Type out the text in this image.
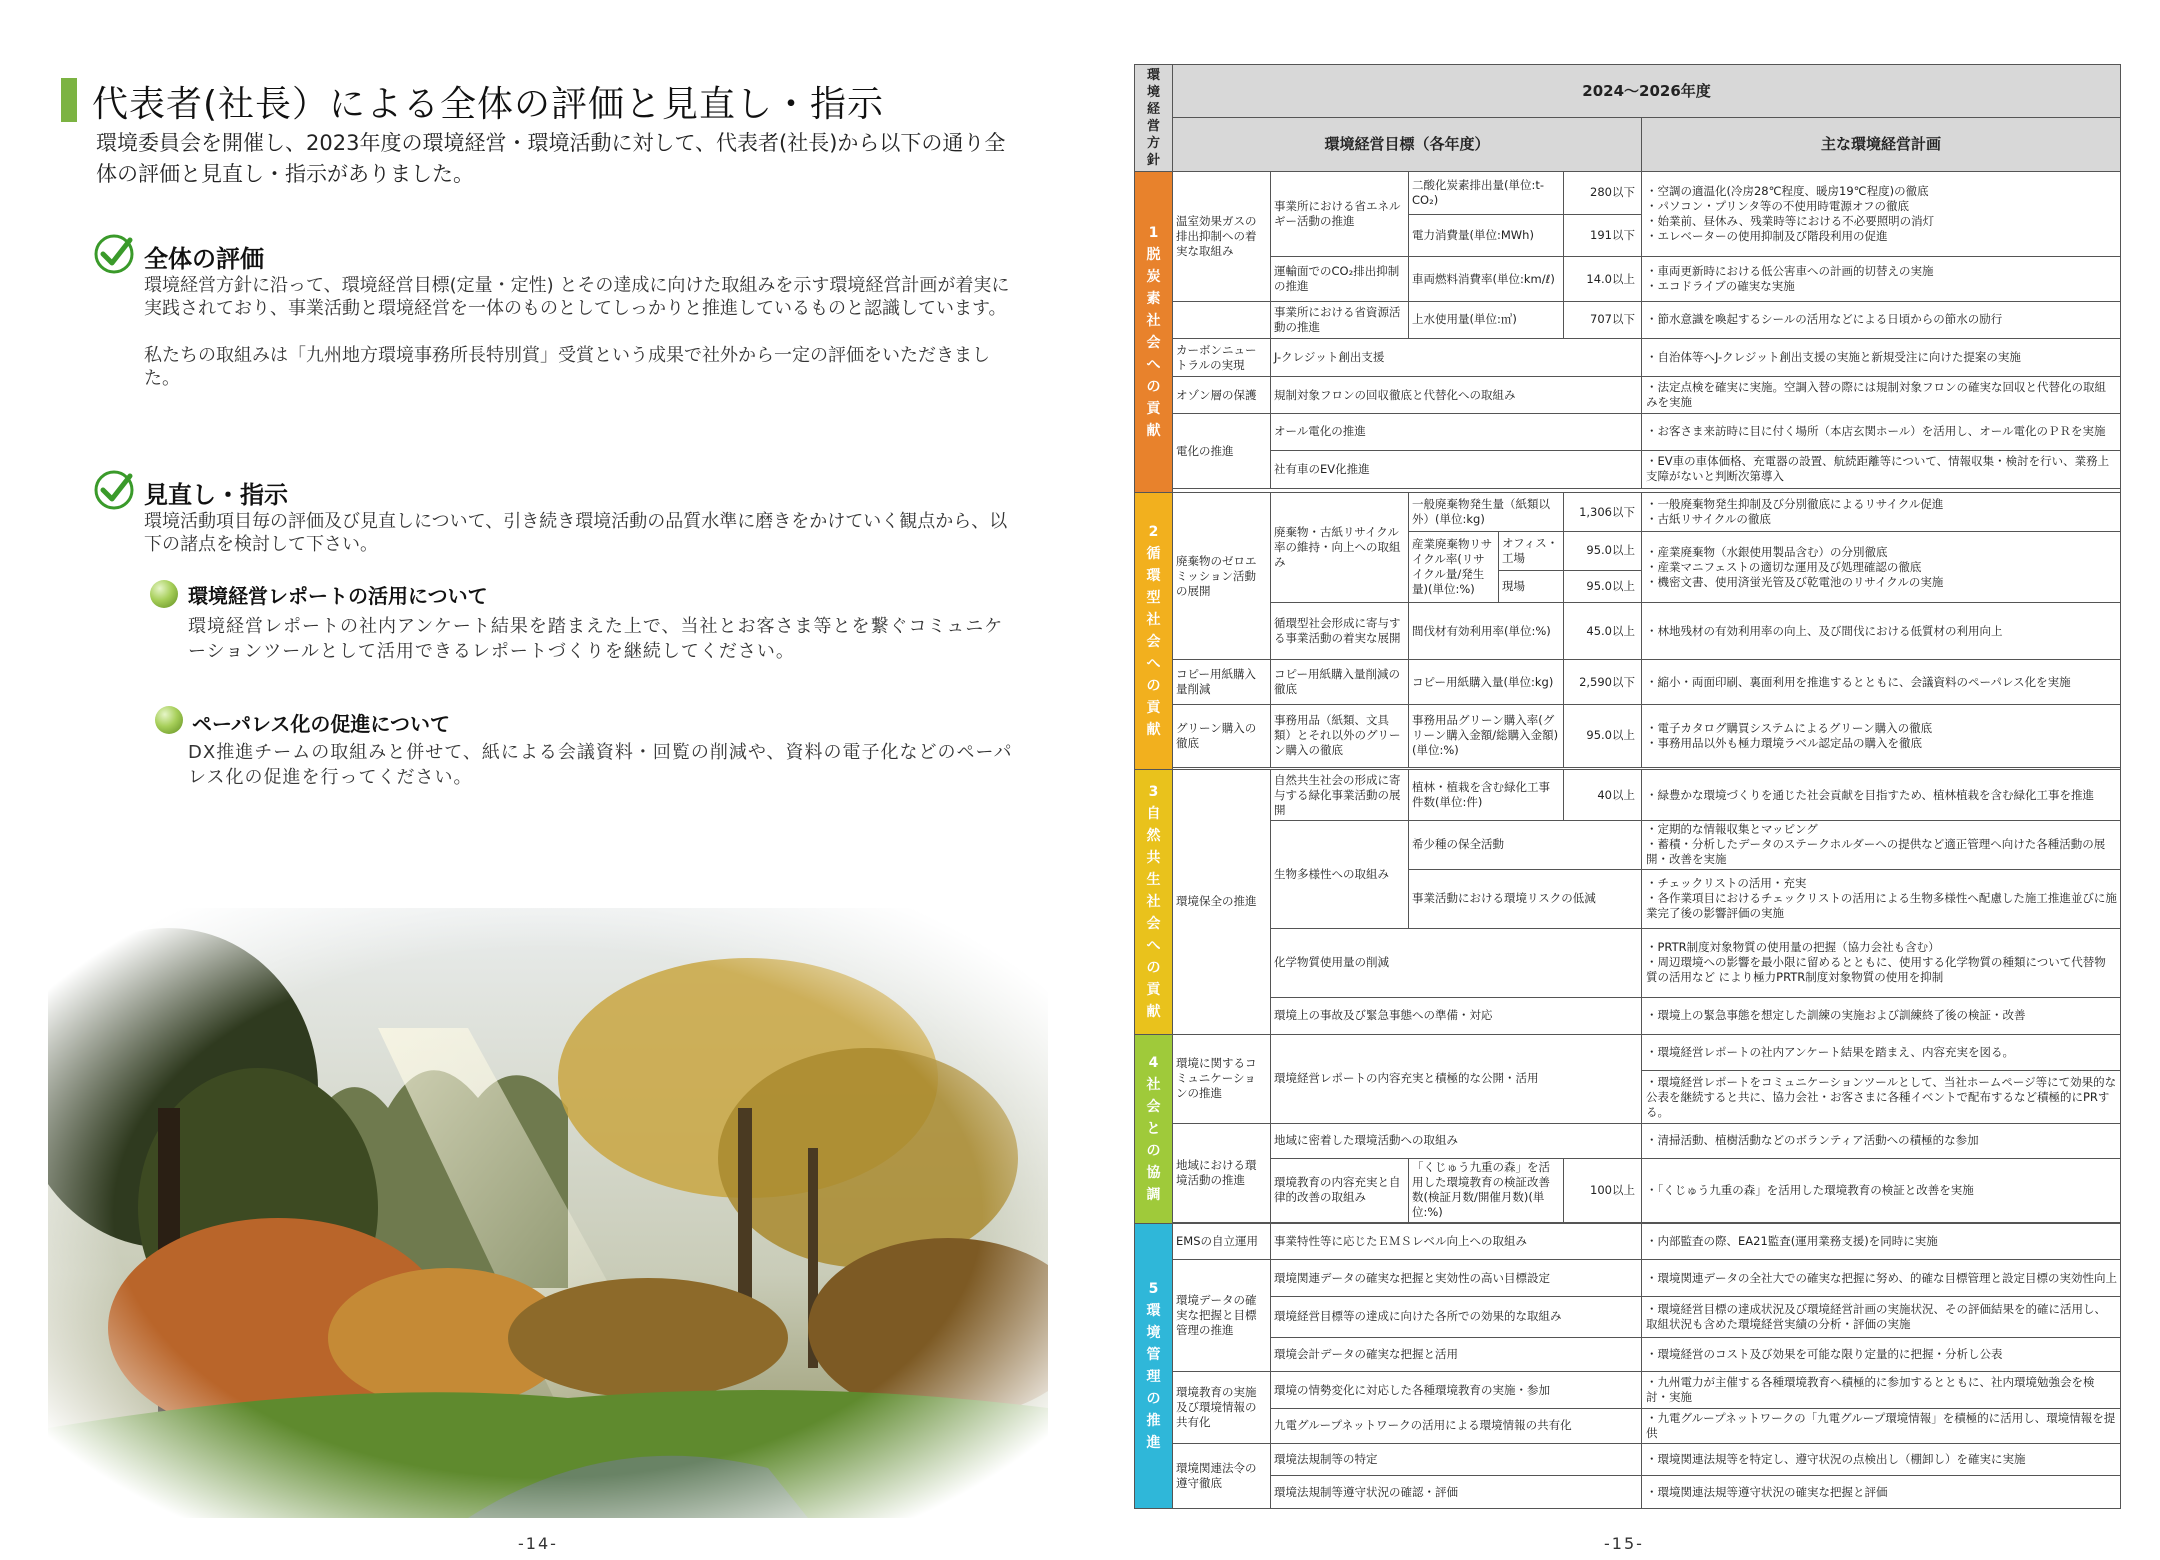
代表者(社長）による全体の評価と見直し・指示
環境委員会を開催し、2023年度の環境経営・環境活動に対して、代表者(社長)から以下の通り全体の評価と見直し・指示がありました。
全体の評価
環境経営方針に沿って、環境経営目標(定量・定性) とその達成に向けた取組みを示す環境経営計画が着実に実践されており、事業活動と環境経営を一体のものとしてしっかりと推進しているものと認識しています。
私たちの取組みは「九州地方環境事務所長特別賞」受賞という成果で社外から一定の評価をいただきました。
見直し・指示
環境活動項目毎の評価及び見直しについて、引き続き環境活動の品質水準に磨きをかけていく観点から、以下の諸点を検討して下さい。
環境経営レポートの活用について
環境経営レポートの社内アンケート結果を踏まえた上で、当社とお客さま等とを繋ぐコミュニケーションツールとして活用できるレポートづくりを継続してください。
ペーパレス化の促進について
DX推進チームの取組みと併せて、紙による会議資料・回覧の削減や、資料の電子化などのペーパレス化の促進を行ってください。
-14-
環境経営方針	2024～2026年度					
	環境経営目標（各年度）					主な環境経営計画
1脱炭素社会への貢献	温室効果ガスの排出抑制への着実な取組み	事業所における省エネルギー活動の推進	二酸化炭素排出量(単位:t-CO₂)		280以下	・空調の適温化(冷房28℃程度、暖房19℃程度)の徹底
・パソコン・プリンタ等の不使用時電源オフの徹底
・始業前、昼休み、残業時等における不必要照明の消灯
・エレベーターの使用抑制及び階段利用の促進
			電力消費量(単位:MWh)		191以下	
		運輸面でのCO₂排出抑制の推進	車両燃料消費率(単位:km/ℓ)		14.0以上	・車両更新時における低公害車への計画的切替えの実施
・エコドライブの確実な実施
		事業所における省資源活動の推進	上水使用量(単位:㎥)		707以下	・節水意識を喚起するシールの活用などによる日頃からの節水の励行
	カーボンニュートラルの実現	J-クレジット創出支援				・自治体等へJ-クレジット創出支援の実施と新規受注に向けた提案の実施
	オゾン層の保護	規制対象フロンの回収徹底と代替化への取組み				・法定点検を確実に実施。空調入替の際には規制対象フロンの確実な回収と代替化の取組みを実施
	電化の推進	オール電化の推進				・お客さま来訪時に目に付く場所（本店玄関ホール）を活用し、オール電化のＰＲを実施
		社有車のEV化推進				・EV車の車体価格、充電器の設置、航続距離等について、情報収集・検討を行い、業務上支障がないと判断次第導入

2循環型社会への貢献	廃棄物のゼロエミッション活動の展開	廃棄物・古紙リサイクル率の維持・向上への取組み	一般廃棄物発生量（紙類以外）(単位:kg)		1,306以下	・一般廃棄物発生抑制及び分別徹底によるリサイクル促進
・古紙リサイクルの徹底
			産業廃棄物リサイクル率(リサイクル量/発生量)(単位:%)	オフィス・工場	95.0以上	・産業廃棄物（水銀使用製品含む）の分別徹底
・産業マニフェストの適切な運用及び処理確認の徹底
・機密文書、使用済蛍光管及び乾電池のリサイクルの実施
				現場	95.0以上	
		循環型社会形成に寄与する事業活動の着実な展開	間伐材有効利用率(単位:%)		45.0以上	・林地残材の有効利用率の向上、及び間伐における低質材の利用向上
	コピー用紙購入量削減	コピー用紙購入量削減の徹底	コピー用紙購入量(単位:kg)		2,590以下	・縮小・両面印刷、裏面利用を推進するとともに、会議資料のペーパレス化を実施
	グリーン購入の徹底	事務用品（紙類、文具類）とそれ以外のグリーン購入の徹底	事務用品グリーン購入率(グリーン購入金額/総購入金額)(単位:%)		95.0以上	・電子カタログ購買システムによるグリーン購入の徹底
・事務用品以外も極力環境ラベル認定品の購入を徹底

3自然共生社会への貢献	環境保全の推進	自然共生社会の形成に寄与する緑化事業活動の展開	植林・植栽を含む緑化工事件数(単位:件)		40以上	・緑豊かな環境づくりを通じた社会貢献を目指すため、植林植栽を含む緑化工事を推進
		生物多様性への取組み	希少種の保全活動			・定期的な情報収集とマッピング
・蓄積・分析したデータのステークホルダーへの提供など適正管理へ向けた各種活動の展開・改善を実施
			事業活動における環境リスクの低減			・チェックリストの活用・充実
・各作業項目におけるチェックリストの活用による生物多様性へ配慮した施工推進並びに施業完了後の影響評価の実施
		化学物質使用量の削減				・PRTR制度対象物質の使用量の把握（協力会社も含む）
・周辺環境への影響を最小限に留めるとともに、使用する化学物質の種類について代替物質の活用など により極力PRTR制度対象物質の使用を抑制
		環境上の事故及び緊急事態への準備・対応				・環境上の緊急事態を想定した訓練の実施および訓練終了後の検証・改善
4社会との協調	環境に関するコミュニケーションの推進	環境経営レポートの内容充実と積極的な公開・活用				・環境経営レポートの社内アンケート結果を踏まえ、内容充実を図る。
						・環境経営レポートをコミュニケーションツールとして、当社ホームページ等にて効果的な公表を継続すると共に、協力会社・お客さまに各種イベントで配布するなど積極的にPRする。
	地域における環境活動の推進	地域に密着した環境活動への取組み				・清掃活動、植樹活動などのボランティア活動への積極的な参加
		環境教育の内容充実と自律的改善の取組み	「くじゅう九重の森」を活用した環境教育の検証改善数(検証月数/開催月数)(単位:%)		100以上	・「くじゅう九重の森」を活用した環境教育の検証と改善を実施

5環境管理の推進	EMSの自立運用	事業特性等に応じたＥＭＳレベル向上への取組み				・内部監査の際、EA21監査(運用業務支援)を同時に実施
	環境データの確実な把握と目標管理の推進	環境関連データの確実な把握と実効性の高い目標設定				・環境関連データの全社大での確実な把握に努め、的確な目標管理と設定目標の実効性向上
		環境経営目標等の達成に向けた各所での効果的な取組み				・環境経営目標の達成状況及び環境経営計画の実施状況、その評価結果を的確に活用し、取組状況も含めた環境経営実績の分析・評価の実施
		環境会計データの確実な把握と活用				・環境経営のコスト及び効果を可能な限り定量的に把握・分析し公表
	環境教育の実施及び環境情報の共有化	環境の情勢変化に対応した各種環境教育の実施・参加				・九州電力が主催する各種環境教育へ積極的に参加するとともに、社内環境勉強会を検討・実施
		九電グループネットワークの活用による環境情報の共有化				・九電グループネットワークの「九電グループ環境情報」を積極的に活用し、環境情報を提供
	環境関連法令の遵守徹底	環境法規制等の特定				・環境関連法規等を特定し、遵守状況の点検出し（棚卸し）を確実に実施
		環境法規制等遵守状況の確認・評価				・環境関連法規等遵守状況の確実な把握と評価
-15-
